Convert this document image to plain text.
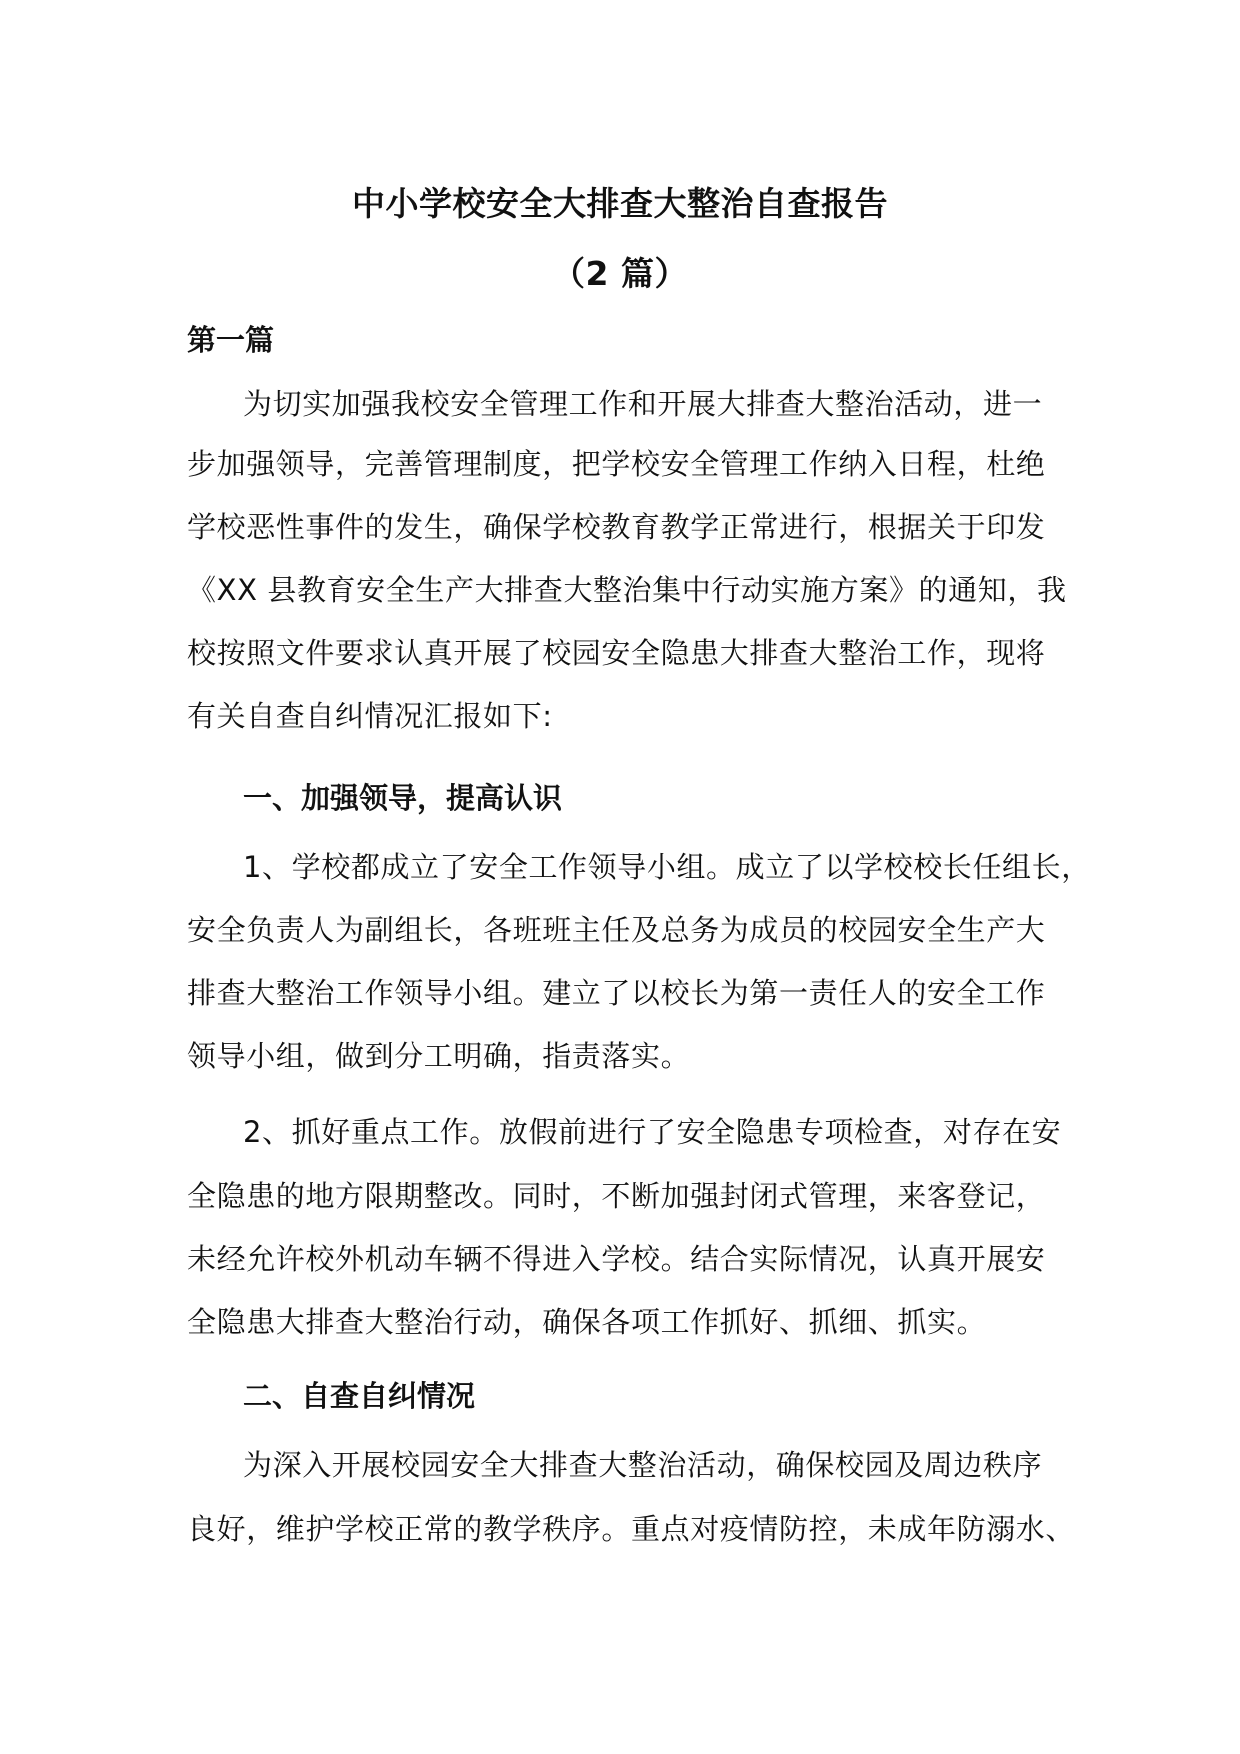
中小学校安全大排查大整治自查报告
（2 篇）
第一篇
为切实加强我校安全管理工作和开展大排查大整治活动，进一
步加强领导，完善管理制度，把学校安全管理工作纳入日程，杜绝
学校恶性事件的发生，确保学校教育教学正常进行，根据关于印发
《XX 县教育安全生产大排查大整治集中行动实施方案》的通知，我
校按照文件要求认真开展了校园安全隐患大排查大整治工作，现将
有关自查自纠情况汇报如下:
一、加强领导，提高认识
1、学校都成立了安全工作领导小组。成立了以学校校长任组长，
安全负责人为副组长，各班班主任及总务为成员的校园安全生产大
排查大整治工作领导小组。建立了以校长为第一责任人的安全工作
领导小组，做到分工明确，指责落实。
2、抓好重点工作。放假前进行了安全隐患专项检查，对存在安
全隐患的地方限期整改。同时，不断加强封闭式管理，来客登记，
未经允许校外机动车辆不得进入学校。结合实际情况，认真开展安
全隐患大排查大整治行动，确保各项工作抓好、抓细、抓实。
二、自查自纠情况
为深入开展校园安全大排查大整治活动，确保校园及周边秩序
良好，维护学校正常的教学秩序。重点对疫情防控，未成年防溺水、
